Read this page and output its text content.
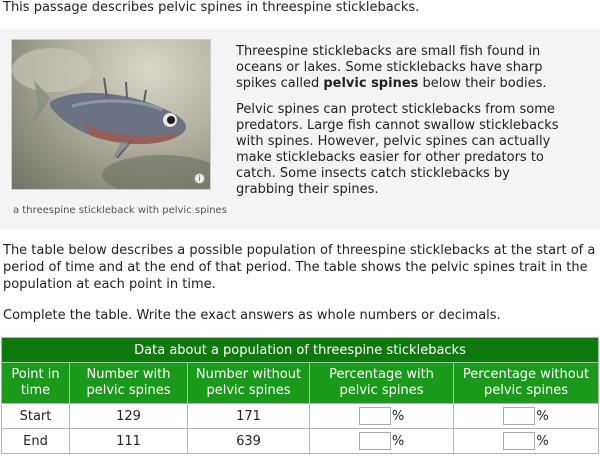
This passage describes pelvic spines in threespine sticklebacks.
i
a threespine stickleback with pelvic spines

Threespine sticklebacks are small fish found in oceans or lakes. Some sticklebacks have sharp spikes called pelvic spines below their bodies.

Pelvic spines can protect sticklebacks from some predators. Large fish cannot swallow sticklebacks with spines. However, pelvic spines can actually make sticklebacks easier for other predators to catch. Some insects catch sticklebacks by grabbing their spines.

The table below describes a possible population of threespine sticklebacks at the start of a period of time and at the end of that period. The table shows the pelvic spines trait in the population at each point in time.
Complete the table. Write the exact answers as whole numbers or decimals.
Data about a population of threespine sticklebacks				
Point in time	Number with pelvic spines	Number without pelvic spines	Percentage with pelvic spines	Percentage without pelvic spines
Start	129	171	%	%
End	111	639	%	%
